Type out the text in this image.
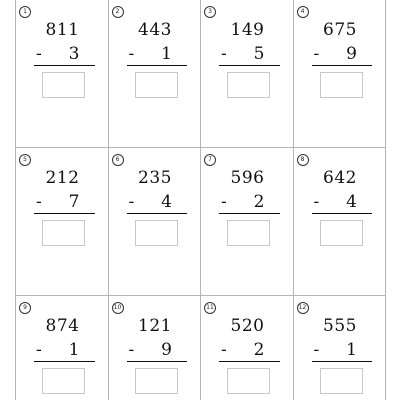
1
811
- 3
2
443
- 1
3
149
- 5
4
675
- 9
5
212
- 7
6
235
- 4
7
596
- 2
8
642
- 4
9
874
- 1
10
121
- 9
11
520
- 2
12
555
- 1
